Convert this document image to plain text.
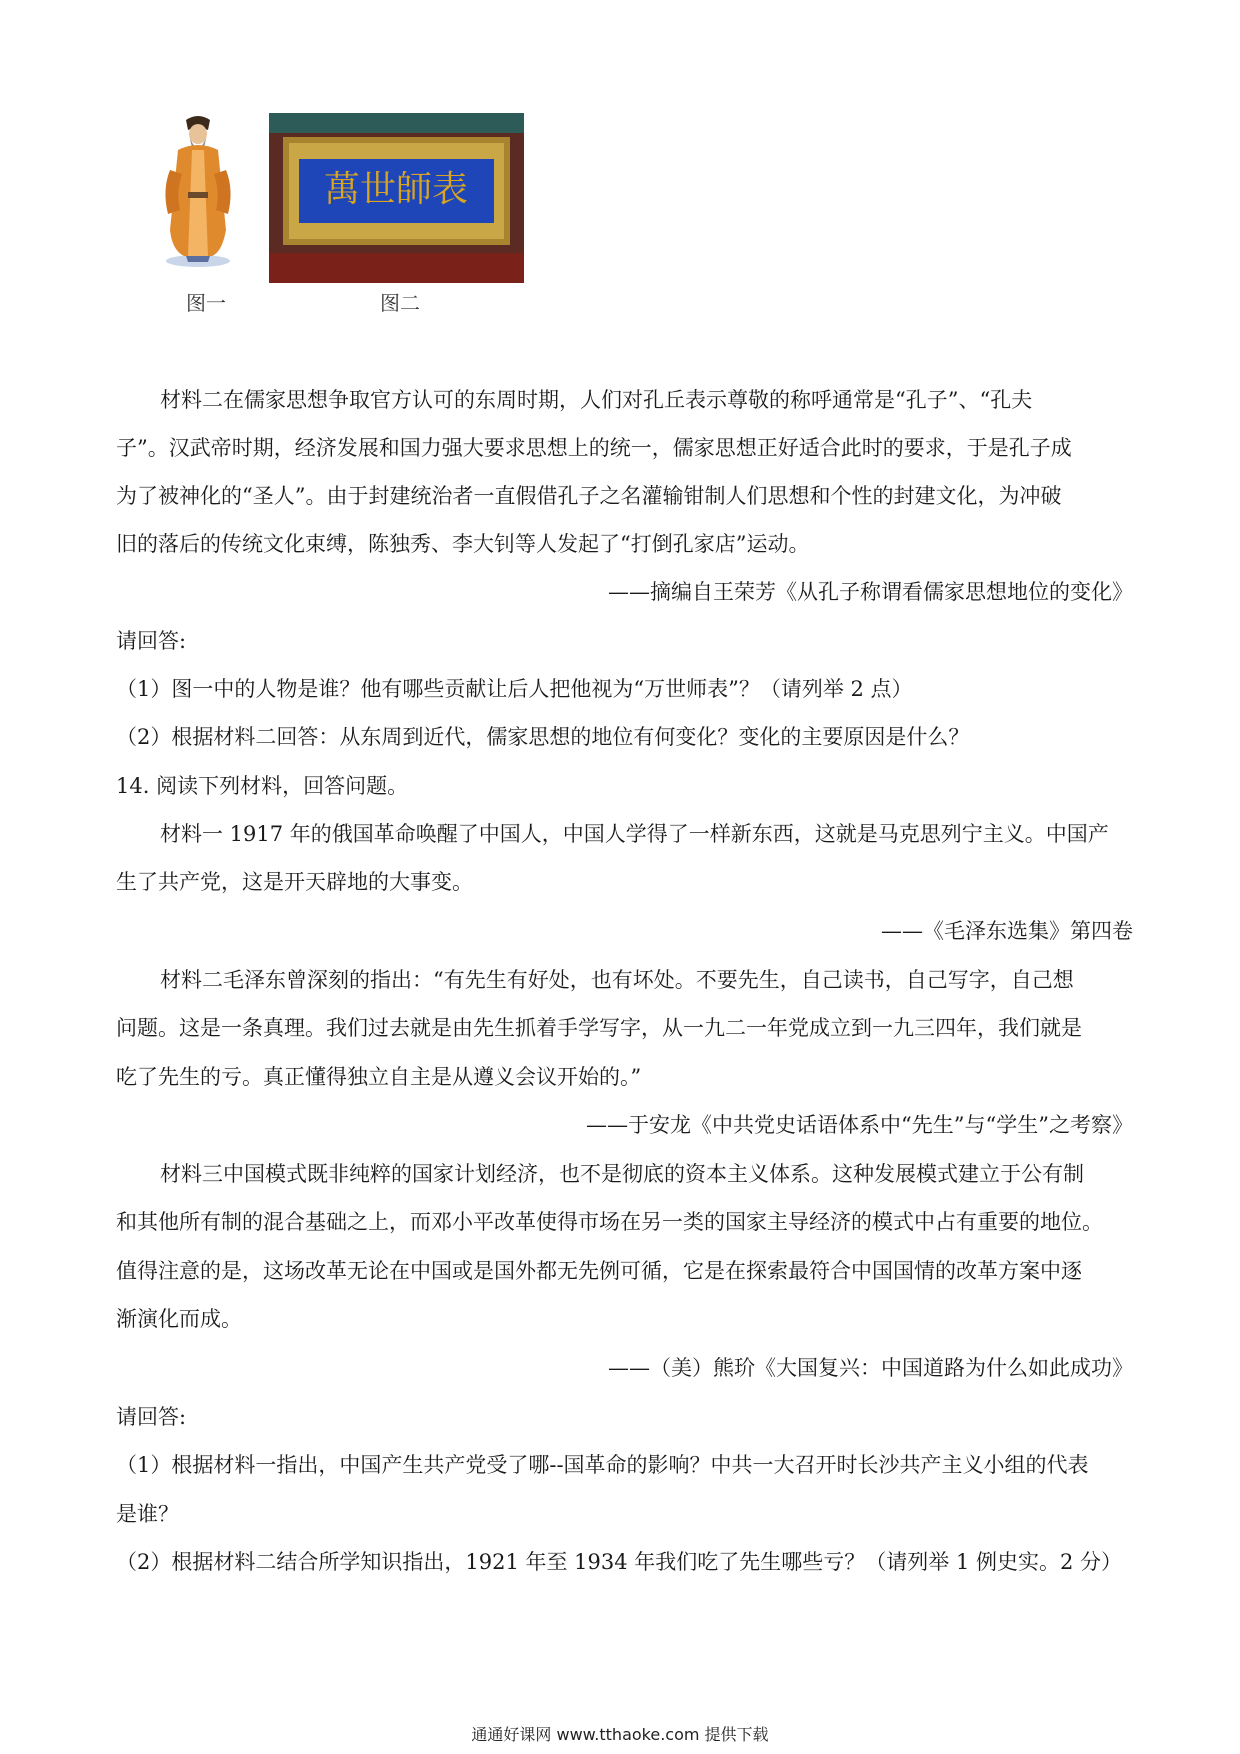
萬世師表
图一	图二
材料二在儒家思想争取官方认可的东周时期，人们对孔丘表示尊敬的称呼通常是“孔子”、“孔夫
子”。汉武帝时期，经济发展和国力强大要求思想上的统一，儒家思想正好适合此时的要求，于是孔子成
为了被神化的“圣人”。由于封建统治者一直假借孔子之名灌输钳制人们思想和个性的封建文化，为冲破
旧的落后的传统文化束缚，陈独秀、李大钊等人发起了“打倒孔家店”运动。
——摘编自王荣芳《从孔子称谓看儒家思想地位的变化》
请回答:
（1）图一中的人物是谁？他有哪些贡献让后人把他视为“万世师表”？（请列举 2 点）
（2）根据材料二回答：从东周到近代，儒家思想的地位有何变化？变化的主要原因是什么？
14. 阅读下列材料，回答问题。
材料一 1917 年的俄国革命唤醒了中国人，中国人学得了一样新东西，这就是马克思列宁主义。中国产
生了共产党，这是开天辟地的大事变。
——《毛泽东选集》第四卷
材料二毛泽东曾深刻的指出：“有先生有好处，也有坏处。不要先生，自己读书，自己写字，自己想
问题。这是一条真理。我们过去就是由先生抓着手学写字，从一九二一年党成立到一九三四年，我们就是
吃了先生的亏。真正懂得独立自主是从遵义会议开始的。”
——于安龙《中共党史话语体系中“先生”与“学生”之考察》
材料三中国模式既非纯粹的国家计划经济，也不是彻底的资本主义体系。这种发展模式建立于公有制
和其他所有制的混合基础之上，而邓小平改革使得市场在另一类的国家主导经济的模式中占有重要的地位。
值得注意的是，这场改革无论在中国或是国外都无先例可循，它是在探索最符合中国国情的改革方案中逐
渐演化而成。
——（美）熊玠《大国复兴：中国道路为什么如此成功》
请回答:
（1）根据材料一指出，中国产生共产党受了哪--国革命的影响？中共一大召开时长沙共产主义小组的代表
是谁？
（2）根据材料二结合所学知识指出，1921 年至 1934 年我们吃了先生哪些亏？（请列举 1 例史实。2 分）
通通好课网 www.tthaoke.com 提供下载
